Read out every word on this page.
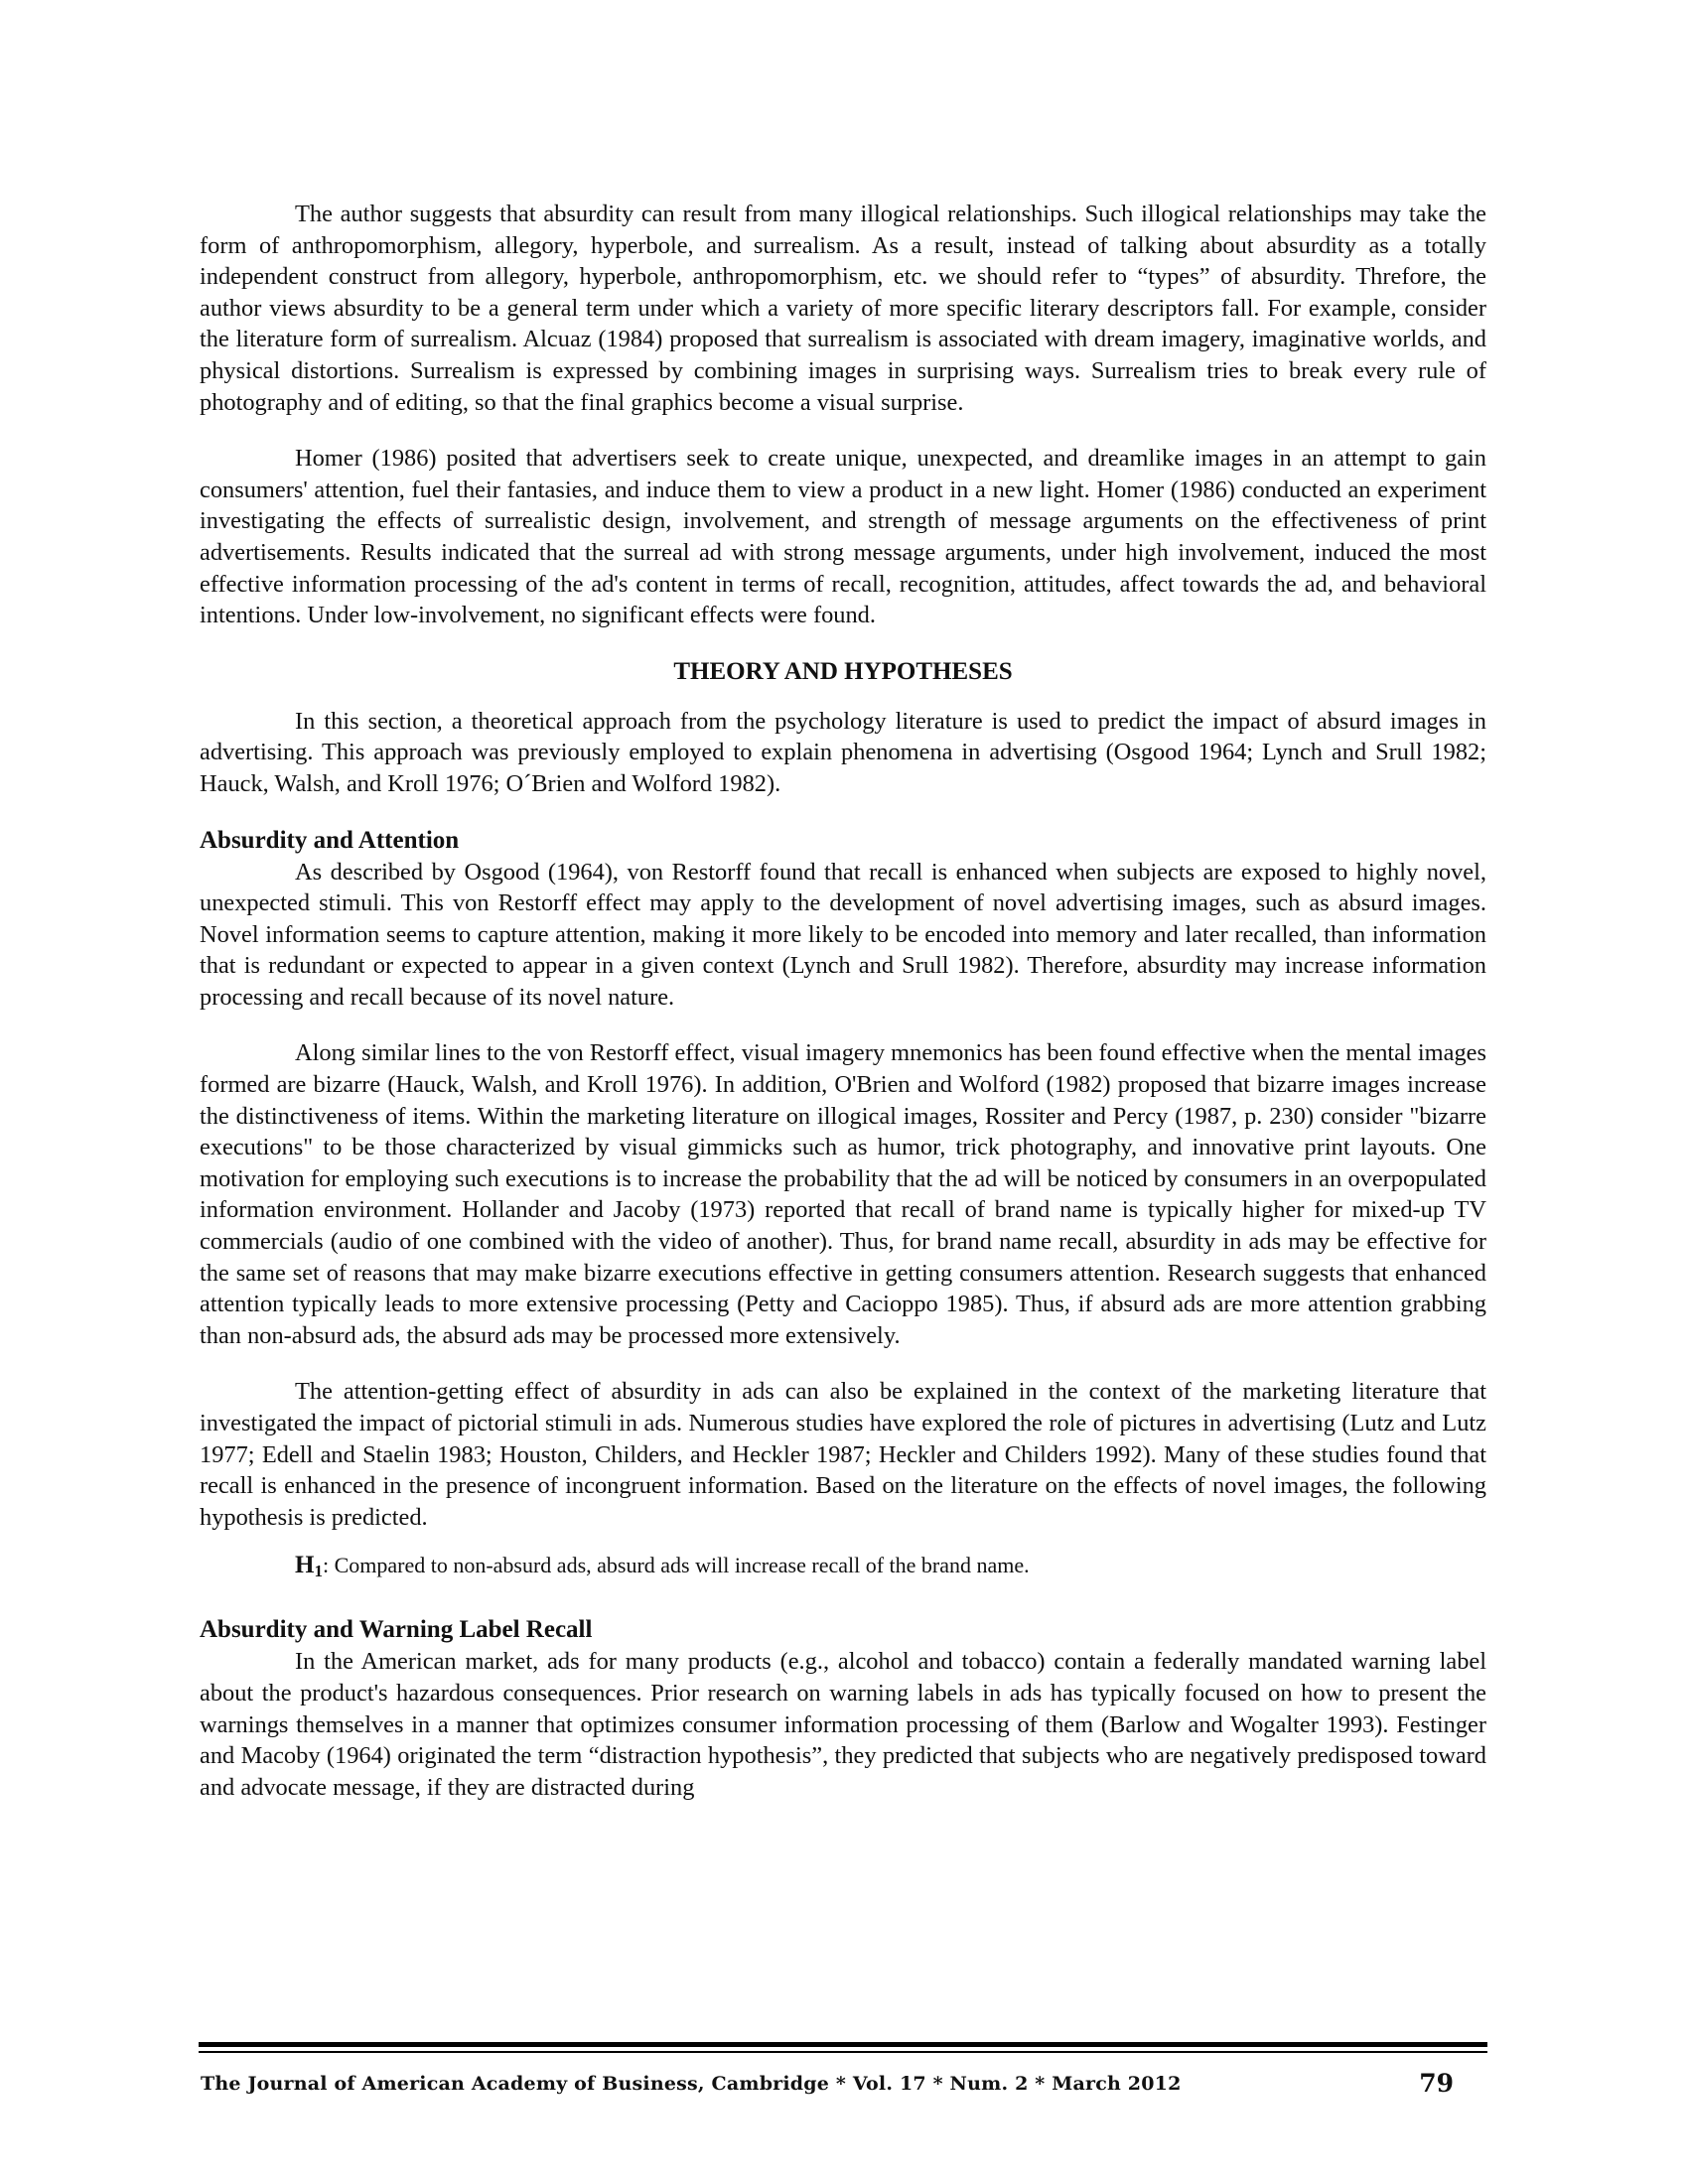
The author suggests that absurdity can result from many illogical relationships. Such illogical relationships may take the form of anthropomorphism, allegory, hyperbole, and surrealism. As a result, instead of talking about absurdity as a totally independent construct from allegory, hyperbole, anthropomorphism, etc. we should refer to “types” of absurdity. Threfore, the author views absurdity to be a general term under which a variety of more specific literary descriptors fall. For example, consider the literature form of surrealism. Alcuaz (1984) proposed that surrealism is associated with dream imagery, imaginative worlds, and physical distortions. Surrealism is expressed by combining images in surprising ways. Surrealism tries to break every rule of photography and of editing, so that the final graphics become a visual surprise.

Homer (1986) posited that advertisers seek to create unique, unexpected, and dreamlike images in an attempt to gain consumers' attention, fuel their fantasies, and induce them to view a product in a new light. Homer (1986) conducted an experiment investigating the effects of surrealistic design, involvement, and strength of message arguments on the effectiveness of print advertisements. Results indicated that the surreal ad with strong message arguments, under high involvement, induced the most effective information processing of the ad's content in terms of recall, recognition, attitudes, affect towards the ad, and behavioral intentions. Under low-involvement, no significant effects were found.

THEORY AND HYPOTHESES

In this section, a theoretical approach from the psychology literature is used to predict the impact of absurd images in advertising. This approach was previously employed to explain phenomena in advertising (Osgood 1964; Lynch and Srull 1982; Hauck, Walsh, and Kroll 1976; O´Brien and Wolford 1982).

Absurdity and Attention

As described by Osgood (1964), von Restorff found that recall is enhanced when subjects are exposed to highly novel, unexpected stimuli. This von Restorff effect may apply to the development of novel advertising images, such as absurd images. Novel information seems to capture attention, making it more likely to be encoded into memory and later recalled, than information that is redundant or expected to appear in a given context (Lynch and Srull 1982). Therefore, absurdity may increase information processing and recall because of its novel nature.

Along similar lines to the von Restorff effect, visual imagery mnemonics has been found effective when the mental images formed are bizarre (Hauck, Walsh, and Kroll 1976). In addition, O'Brien and Wolford (1982) proposed that bizarre images increase the distinctiveness of items. Within the marketing literature on illogical images, Rossiter and Percy (1987, p. 230) consider "bizarre executions" to be those characterized by visual gimmicks such as humor, trick photography, and innovative print layouts. One motivation for employing such executions is to increase the probability that the ad will be noticed by consumers in an overpopulated information environment. Hollander and Jacoby (1973) reported that recall of brand name is typically higher for mixed-up TV commercials (audio of one combined with the video of another). Thus, for brand name recall, absurdity in ads may be effective for the same set of reasons that may make bizarre executions effective in getting consumers attention. Research suggests that enhanced attention typically leads to more extensive processing (Petty and Cacioppo 1985). Thus, if absurd ads are more attention grabbing than non-absurd ads, the absurd ads may be processed more extensively.

The attention-getting effect of absurdity in ads can also be explained in the context of the marketing literature that investigated the impact of pictorial stimuli in ads. Numerous studies have explored the role of pictures in advertising (Lutz and Lutz 1977; Edell and Staelin 1983; Houston, Childers, and Heckler 1987; Heckler and Childers 1992). Many of these studies found that recall is enhanced in the presence of incongruent information. Based on the literature on the effects of novel images, the following hypothesis is predicted.

H1: Compared to non-absurd ads, absurd ads will increase recall of the brand name.

Absurdity and Warning Label Recall

In the American market, ads for many products (e.g., alcohol and tobacco) contain a federally mandated warning label about the product's hazardous consequences. Prior research on warning labels in ads has typically focused on how to present the warnings themselves in a manner that optimizes consumer information processing of them (Barlow and Wogalter 1993). Festinger and Macoby (1964) originated the term “distraction hypothesis”, they predicted that subjects who are negatively predisposed toward and advocate message, if they are distracted during

The Journal of American Academy of Business, Cambridge * Vol. 17 * Num. 2 * March 2012	79
